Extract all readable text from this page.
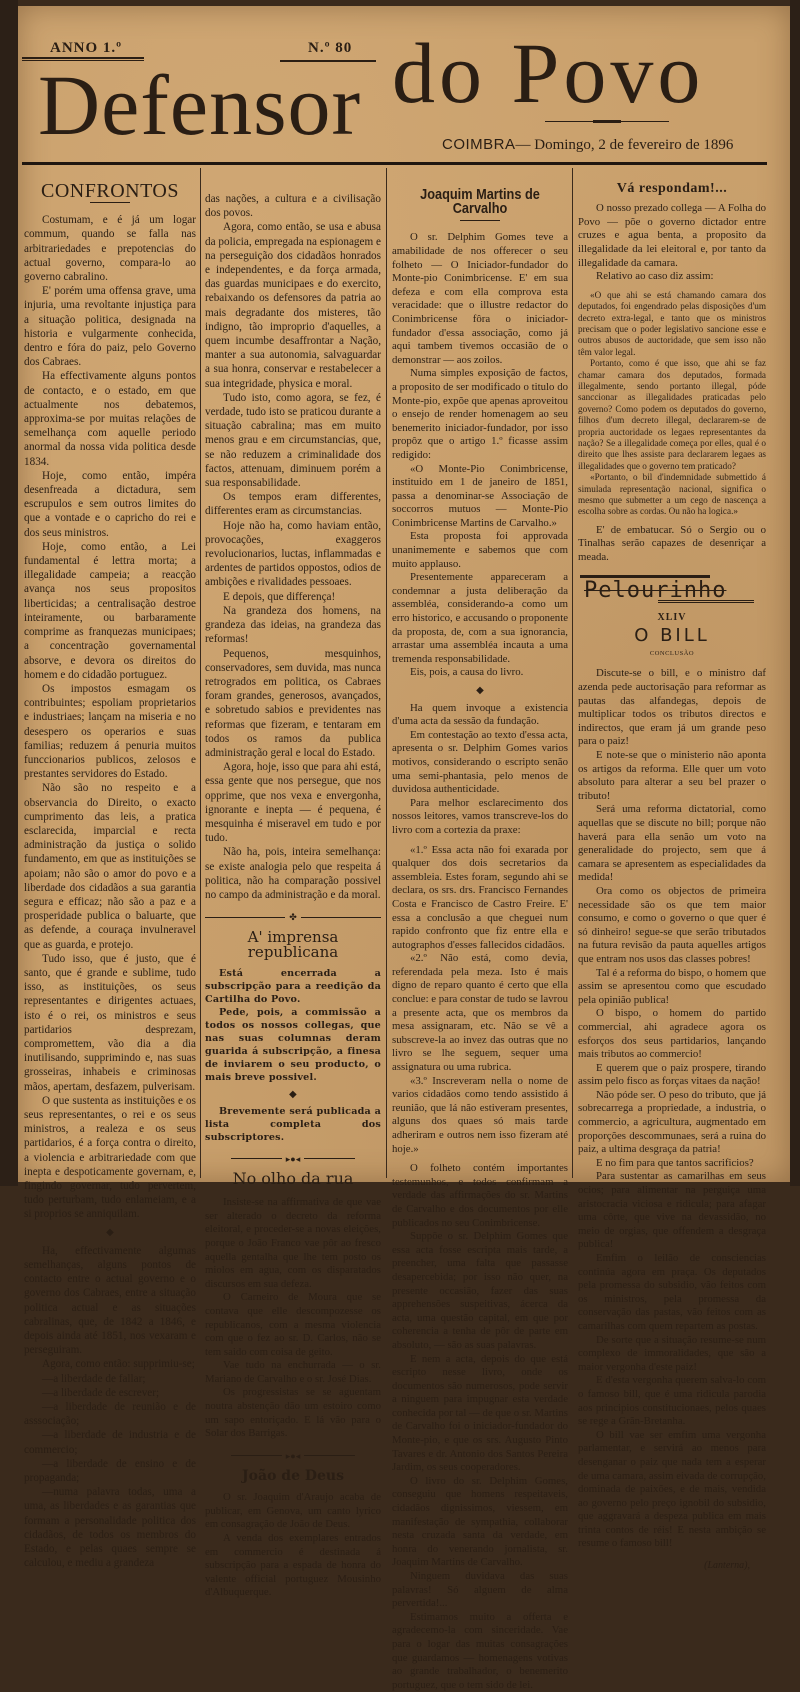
ANNO 1.º	N.º 80
Defensor do Povo
COIMBRA— Domingo, 2 de fevereiro de 1896
CONFRONTOS

Costumam, e é já um logar commum, quando se falla nas arbitrariedades e prepotencias do actual governo, compara-lo ao governo cabralino.

E' porém uma offensa grave, uma injuria, uma revoltante injustiça para a situação politica, designada na historia e vulgarmente conhecida, dentro e fóra do paiz, pelo Governo dos Cabraes.

Ha effectivamente alguns pontos de contacto, e o estado, em que actualmente nos debatemos, approxima-se por muitas relações de semelhança com aquelle periodo anormal da nossa vida politica desde 1834.

Hoje, como então, impéra desenfreada a dictadura, sem escrupulos e sem outros limites do que a vontade e o capricho do rei e dos seus ministros.

Hoje, como então, a Lei fundamental é lettra morta; a illegalidade campeia; a reacção avança nos seus propositos liberticidas; a centralisação destroe inteiramente, ou barbaramente comprime as franquezas municipaes; a concentração governamental absorve, e devora os direitos do homem e do cidadão portuguez.

Os impostos esmagam os contribuintes; espoliam proprietarios e industriaes; lançam na miseria e no desespero os operarios e suas familias; reduzem á penuria muitos funccionarios publicos, zelosos e prestantes servidores do Estado.

Não são no respeito e a observancia do Direito, o exacto cumprimento das leis, a pratica esclarecida, imparcial e recta administração da justiça o solido fundamento, em que as instituições se apoiam; não são o amor do povo e a liberdade dos cidadãos a sua garantia segura e efficaz; não são a paz e a prosperidade publica o baluarte, que as defende, a couraça invulneravel que as guarda, e protejo.

Tudo isso, que é justo, que é santo, que é grande e sublime, tudo isso, as instituições, os seus representantes e dirigentes actuaes, isto é o rei, os ministros e seus partidarios desprezam, compromettem, vão dia a dia inutilisando, supprimindo e, nas suas grosseiras, inhabeis e criminosas mãos, apertam, desfazem, pulverisam.

O que sustenta as instituições e os seus representantes, o rei e os seus ministros, a realeza e os seus partidarios, é a força contra o direito, a violencia e arbitrariedade com que inepta e despoticamente governam, e, fingindo governar, tudo pervertem, tudo perturbam, tudo enlameiam, e a si proprios se anniquilam.

◆

Ha, effectivamente algumas semelhanças, alguns pontos de contacto entre o actual governo e o governo dos Cabraes, entre a situação politica actual e as situações cabralinas, que, de 1842 a 1846, e depois ainda até 1851, nos vexaram e perseguiram.

Agora, como então: supprimiu-se;

—a liberdade de fallar;

—a liberdade de escrever;

—a liberdade de reunião e de asssociação;

—a liberdade de industria e de commercio;

—a liberdade de ensino e de propaganda;

—numa palavra todas, uma a uma, as liberdades e as garantias que formam a personalidade politica dos cidadãos, de todos os membros do Estado, e pelas quaes sempre se calculou, e mediu a grandeza

das nações, a cultura e a civilisação dos povos.

Agora, como então, se usa e abusa da policia, empregada na espionagem e na perseguição dos cidadãos honrados e independentes, e da força armada, das guardas municipaes e do exercito, rebaixando os defensores da patria ao mais degradante dos misteres, tão indigno, tão improprio d'aquelles, a quem incumbe desaffrontar a Nação, manter a sua autonomia, salvaguardar a sua honra, conservar e restabelecer a sua integridade, physica e moral.

Tudo isto, como agora, se fez, é verdade, tudo isto se praticou durante a situação cabralina; mas em muito menos grau e em circumstancias, que, se não reduzem a criminalidade dos factos, attenuam, diminuem porém a sua responsabilidade.

Os tempos eram differentes, differentes eram as circumstancias.

Hoje não ha, como haviam então, provocações, exaggeros revolucionarios, luctas, inflammadas e ardentes de partidos oppostos, odios de ambições e rivalidades pessoaes.

E depois, que differença!

Na grandeza dos homens, na grandeza das ideias, na grandeza das reformas!

Pequenos, mesquinhos, conservadores, sem duvida, mas nunca retrogrados em politica, os Cabraes foram grandes, generosos, avançados, e sobretudo sabios e previdentes nas reformas que fizeram, e tentaram em todos os ramos da publica administração geral e local do Estado.

Agora, hoje, isso que para ahi está, essa gente que nos persegue, que nos opprime, que nos vexa e envergonha, ignorante e inepta — é pequena, é mesquinha é miseravel em tudo e por tudo.

Não ha, pois, inteira semelhança: se existe analogia pelo que respeita á politica, não ha comparação possivel no campo da administração e da moral.

✤
A' imprensa republicana

Está encerrada a subscripção para a reedição da Cartilha do Povo.

Pede, pois, a commissão a todos os nossos collegas, que nas suas columnas deram guarida á subscripção, a finesa de inviarem o seu producto, o mais breve possivel.

◆

Brevemente será publicada a lista completa dos subscriptores.

▸●◂
No olho da rua

Insiste-se na affirmativa de que vae ser alterado o decreto da reforma eleitoral, e proceder-se a novas eleições, porque o João Franco vae pôr ao fresco aquella gentalha que lhe tem posto os miolos em agua, com os disparatados discursos em sua defeza.

O Carneiro de Moura que se contava que elle descompozesse os republicanos, com a mesma violencia com que o fez ao sr. D. Carlos, não se tem saido com coisa de geito.

Vae tudo na enchurrada — o sr. Mariano de Carvalho e o sr. José Dias.

Os progressistas se se aguentam noutra abstenção dão um estoiro como um sapo entoriçado. E lá vão para o Solar dos Barrigas.

▸●◂
João de Deus

O sr. Joaquim d'Araujo acaba de publicar, em Genova, um canto lyrico em consagração de João de Deus.

A venda dos exemplares entrados em commercio é destinada á subscripção para a espada de honra do valente official portuguez Mousinho d'Albuquerque.

Joaquim Martins de Carvalho

O sr. Delphim Gomes teve a amabilidade de nos offerecer o seu folheto — O Iniciador-fundador do Monte-pio Conimbricense. E' em sua defeza e com ella comprova esta veracidade: que o illustre redactor do Conimbricense fôra o iniciador-fundador d'essa associação, como já aqui tambem tivemos occasião de o demonstrar — aos zoilos.

Numa simples exposição de factos, a proposito de ser modificado o titulo do Monte-pio, expõe que apenas aproveitou o ensejo de render homenagem ao seu benemerito iniciador-fundador, por isso propôz que o artigo 1.º ficasse assim redigido:

«O Monte-Pio Conimbricense, instituido em 1 de janeiro de 1851, passa a denominar-se Associação de soccorros mutuos — Monte-Pio Conimbricense Martins de Carvalho.»

Esta proposta foi approvada unanimemente e sabemos que com muito applauso.

Presentemente appareceram a condemnar a justa deliberação da assembléa, considerando-a como um erro historico, e accusando o proponente da proposta, de, com a sua ignorancia, arrastar uma assembléa incauta a uma tremenda responsabilidade.

Eis, pois, a causa do livro.

◆

Ha quem invoque a existencia d'uma acta da sessão da fundação.

Em contestação ao texto d'essa acta, apresenta o sr. Delphim Gomes varios motivos, considerando o escripto senão uma semi-phantasia, pelo menos de duvidosa authenticidade.

Para melhor esclarecimento dos nossos leitores, vamos transcreve-los do livro com a cortezia da praxe:

«1.º Essa acta não foi exarada por qualquer dos dois secretarios da assembleia. Estes foram, segundo ahi se declara, os srs. drs. Francisco Fernandes Costa e Francisco de Castro Freire. E' essa a conclusão a que cheguei num rapido confronto que fiz entre ella e autographos d'esses fallecidos cidadãos.

«2.º Não está, como devia, referendada pela meza. Isto é mais digno de reparo quanto é certo que ella conclue: e para constar de tudo se lavrou a presente acta, que os membros da mesa assignaram, etc. Não se vê a subscreve-la ao invez das outras que no livro se lhe seguem, sequer uma assignatura ou uma rubrica.

«3.º Inscreveram nella o nome de varios cidadãos como tendo assistido á reunião, que lá não estiveram presentes, alguns dos quaes só mais tarde adheriram e outros nem isso fizeram até hoje.»

O folheto contém importantes testemunhos, e todos confirmam a verdade das affirmações do sr. Martins de Carvalho e dos documentos por elle publicados no seu Conimbricense.

Suppõe o sr. Delphim Gomes que essa acta fosse escripta mais tarde, a preencher, uma falta que passasse desapercebida; por isso não quer, na presente occasião, fazer das suas apprehensões suspeitivas, ácerca da acta, uma questão capital, em que por coherencia a tenha de pôr de parte em absoluto, — são as suas palavras.

E nem a acta, depois do que está escripto nesse livro, onde os documentos são numerosos, pode servir a ninguem para impugnar esta verdade conhecida por tal — de que o sr. Martins de Carvalho foi o iniciador-fundador do Monte-pio, e que os srs. Augusto Pinto Tavares e dr. Antonio dos Santos Pereira Jardim, os seus cooperadores.

O livro do sr. Delphim Gomes, conseguiu que homens respeitaveis, cidadãos dignissimos, viessem, em manifestação de sympathia, collaborar nesta cruzada santa da verdade, em honra do venerando jornalista, sr. Joaquim Martins de Carvalho.

Ninguem duvidava das suas palavras! Só alguem de alma pervertida!...

Estimamos muito a offerta e agradecemo-la com sinceridade. Vae para o logar das muitas consagrações que guardamos — homenagens votivas ao grande trabalhador, o benemerito portuguez, que o tem sido de lei.

Vá respondam!...

O nosso prezado collega — A Folha do Povo — põe o governo dictador entre cruzes e agua benta, a proposito da illegalidade da lei eleitoral e, por tanto da illegalidade da camara.

Relativo ao caso diz assim:

«O que ahi se está chamando camara dos deputados, foi engendrado pelas disposições d'um decreto extra-legal, e tanto que os ministros precisam que o poder legislativo sancione esse e outros abusos de auctoridade, que sem isso não têm valor legal.

Portanto, como é que isso, que ahi se faz chamar camara dos deputados, formada illegalmente, sendo portanto illegal, póde sanccionar as illegalidades praticadas pelo governo? Como podem os deputados do governo, filhos d'um decreto illegal, declararem-se de propria auctoridade os legaes representantes da nação? Se a illegalidade começa por elles, qual é o direito que lhes assiste para declararem legaes as illegalidades que o governo tem praticado?

«Portanto, o bil d'indemnidade submettido á simulada representação nacional, significa o mesmo que submetter a um cego de nascença a escolha sobre as cordas. Ou não ha logica.»

E' de embatucar. Só o Sergio ou o Tinalhas serão capazes de desenriçar a meada.

Pelourinho
XLIV
O BILL
CONCLUSÃO

Discute-se o bill, e o ministro daf azenda pede auctorisação para reformar as pautas das alfandegas, depois de multiplicar todos os tributos directos e indirectos, que eram já um grande peso para o paiz!

E note-se que o ministerio não aponta os artigos da reforma. Elle quer um voto absoluto para alterar a seu bel prazer o tributo!

Será uma reforma dictatorial, como aquellas que se discute no bill; porque não haverá para ella senão um voto na generalidade do projecto, sem que á camara se apresentem as especialidades da medida!

Ora como os objectos de primeira necessidade são os que tem maior consumo, e como o governo o que quer é só dinheiro! segue-se que serão tributados na futura revisão da pauta aquelles artigos que entram nos usos das classes pobres!

Tal é a reforma do bispo, o homem que assim se apresentou como que escudado pela opinião publica!

O bispo, o homem do partido commercial, ahi agradece agora os esforços dos seus partidarios, lançando mais tributos ao commercio!

E querem que o paiz prospere, tirando assim pelo fisco as forças vitaes da nação!

Não póde ser. O peso do tributo, que já sobrecarrega a propriedade, a industria, o commercio, a agricultura, augmentado em proporções descommunaes, será a ruina do paiz, a ultima desgraça da patria!

E no fim para que tantos sacrificios?

Para sustentar as camarilhas em seus ocios; para alimentar na perguiça uma aristocracia viciosa e ridicula; para afagar uma côrte, que vive na devassidão, no meio de orgias, que offendem a desgraça publica!

Emfim o leilão de consciencias continúa agora em praça. Os deputados pela promessa do subsidio, vão feitos com os ministros, pela promessa da conservação das pastas, vão feitos com as camarilhas com quem repartem as postas.

De sorte que a situação resume-se num complexo de immoralidades, que são a maior vergonha d'este paiz!

E d'esta vergonha querem salva-lo com o famoso bill, que é uma ridicula parodia aos principios constitucionaes, pelos quaes se rege a Grãn-Bretanha.

O bill vae ser emfim uma vergonha parlamentar, e servirá ao menos para desenganar o paiz que nada tem a esperar de uma camara, assim eivada de corrupção, dominada de paixões, e de mais, vendida ao governo pelo preço ignobil do subsidio, que aggravará a despeza publica em mais trinta contos de réis! E nesta ambição se resume o famoso bill!

(Lanterna),
